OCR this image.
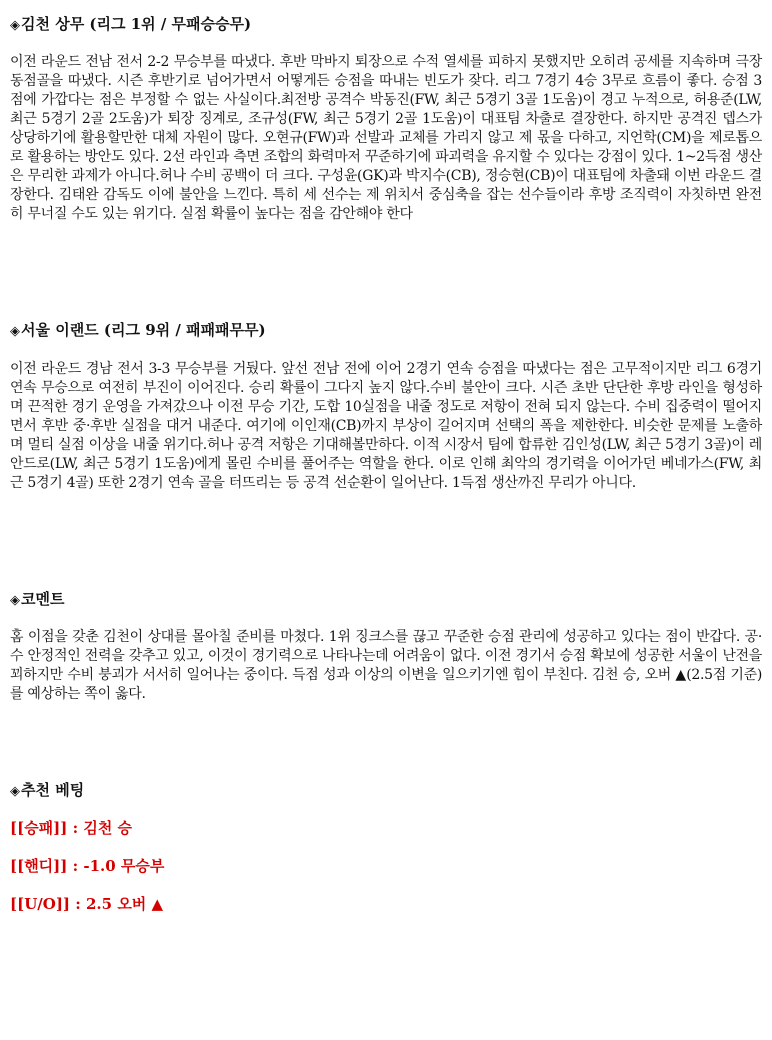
◈김천 상무 (리그 1위 / 무패승승무)

이전 라운드 전남 전서 2-2 무승부를 따냈다. 후반 막바지 퇴장으로 수적 열세를 피하지 못했지만 오히려 공세를 지속하며 극장 동점골을 따냈다. 시즌 후반기로 넘어가면서 어떻게든 승점을 따내는 빈도가 잦다. 리그 7경기 4승 3무로 흐름이 좋다. 승점 3점에 가깝다는 점은 부정할 수 없는 사실이다.최전방 공격수 박동진(FW, 최근 5경기 3골 1도움)이 경고 누적으로, 허용준(LW, 최근 5경기 2골 2도움)가 퇴장 징계로, 조규성(FW, 최근 5경기 2골 1도움)이 대표팀 차출로 결장한다. 하지만 공격진 뎁스가 상당하기에 활용할만한 대체 자원이 많다. 오현규(FW)과 선발과 교체를 가리지 않고 제 몫을 다하고, 지언학(CM)을 제로톱으로 활용하는 방안도 있다. 2선 라인과 측면 조합의 화력마저 꾸준하기에 파괴력을 유지할 수 있다는 강점이 있다. 1~2득점 생산은 무리한 과제가 아니다.허나 수비 공백이 더 크다. 구성윤(GK)과 박지수(CB), 정승현(CB)이 대표팀에 차출돼 이번 라운드 결장한다. 김태완 감독도 이에 불안을 느낀다. 특히 세 선수는 제 위치서 중심축을 잡는 선수들이라 후방 조직력이 자칫하면 완전히 무너질 수도 있는 위기다. 실점 확률이 높다는 점을 감안해야 한다

◈서울 이랜드 (리그 9위 / 패패패무무)

이전 라운드 경남 전서 3-3 무승부를 거뒀다. 앞선 전남 전에 이어 2경기 연속 승점을 따냈다는 점은 고무적이지만 리그 6경기 연속 무승으로 여전히 부진이 이어진다. 승리 확률이 그다지 높지 않다.수비 불안이 크다. 시즌 초반 단단한 후방 라인을 형성하며 끈적한 경기 운영을 가져갔으나 이전 무승 기간, 도합 10실점을 내줄 정도로 저항이 전혀 되지 않는다. 수비 집중력이 떨어지면서 후반 중·후반 실점을 대거 내준다. 여기에 이인재(CB)까지 부상이 길어지며 선택의 폭을 제한한다. 비슷한 문제를 노출하며 멀티 실점 이상을 내줄 위기다.허나 공격 저항은 기대해볼만하다. 이적 시장서 팀에 합류한 김인성(LW, 최근 5경기 3골)이 레안드로(LW, 최근 5경기 1도움)에게 몰린 수비를 풀어주는 역할을 한다. 이로 인해 최악의 경기력을 이어가던 베네가스(FW, 최근 5경기 4골) 또한 2경기 연속 골을 터뜨리는 등 공격 선순환이 일어난다. 1득점 생산까진 무리가 아니다.

◈코멘트

홈 이점을 갖춘 김천이 상대를 몰아칠 준비를 마쳤다. 1위 징크스를 끊고 꾸준한 승점 관리에 성공하고 있다는 점이 반갑다. 공·수 안정적인 전력을 갖추고 있고, 이것이 경기력으로 나타나는데 어려움이 없다. 이전 경기서 승점 확보에 성공한 서울이 난전을 꾀하지만 수비 붕괴가 서서히 일어나는 중이다. 득점 성과 이상의 이변을 일으키기엔 힘이 부친다. 김천 승, 오버 ▲(2.5점 기준)를 예상하는 쪽이 옳다.

◈추천 베팅

[[승패]] : 김천 승

[[핸디]] : -1.0 무승부

[[U/O]] : 2.5 오버 ▲
